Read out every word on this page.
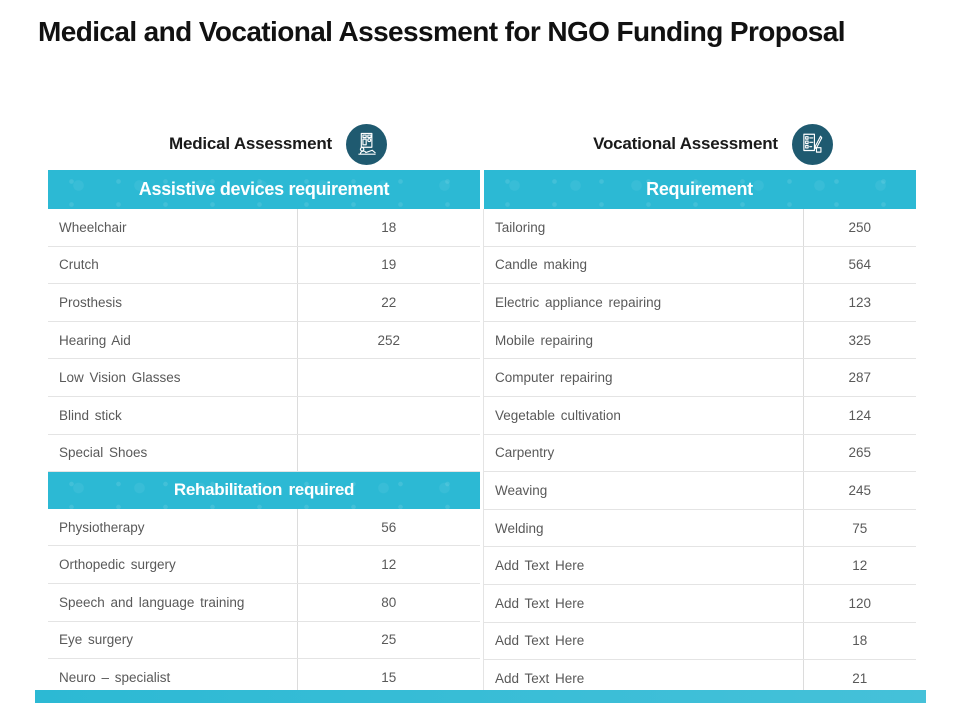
Medical and Vocational Assessment for NGO Funding Proposal
Medical Assessment	Vocational Assessment
Assistive devices requirement	
Wheelchair	18
Crutch	19
Prosthesis	22
Hearing Aid	252
Low Vision Glasses	
Blind stick	
Special Shoes	
Rehabilitation required	
Physiotherapy	56
Orthopedic surgery	12
Speech and language training	80
Eye surgery	25
Neuro – specialist	15
Requirement	
Tailoring	250
Candle making	564
Electric appliance repairing	123
Mobile repairing	325
Computer repairing	287
Vegetable cultivation	124
Carpentry	265
Weaving	245
Welding	75
Add Text Here	12
Add Text Here	120
Add Text Here	18
Add Text Here	21
